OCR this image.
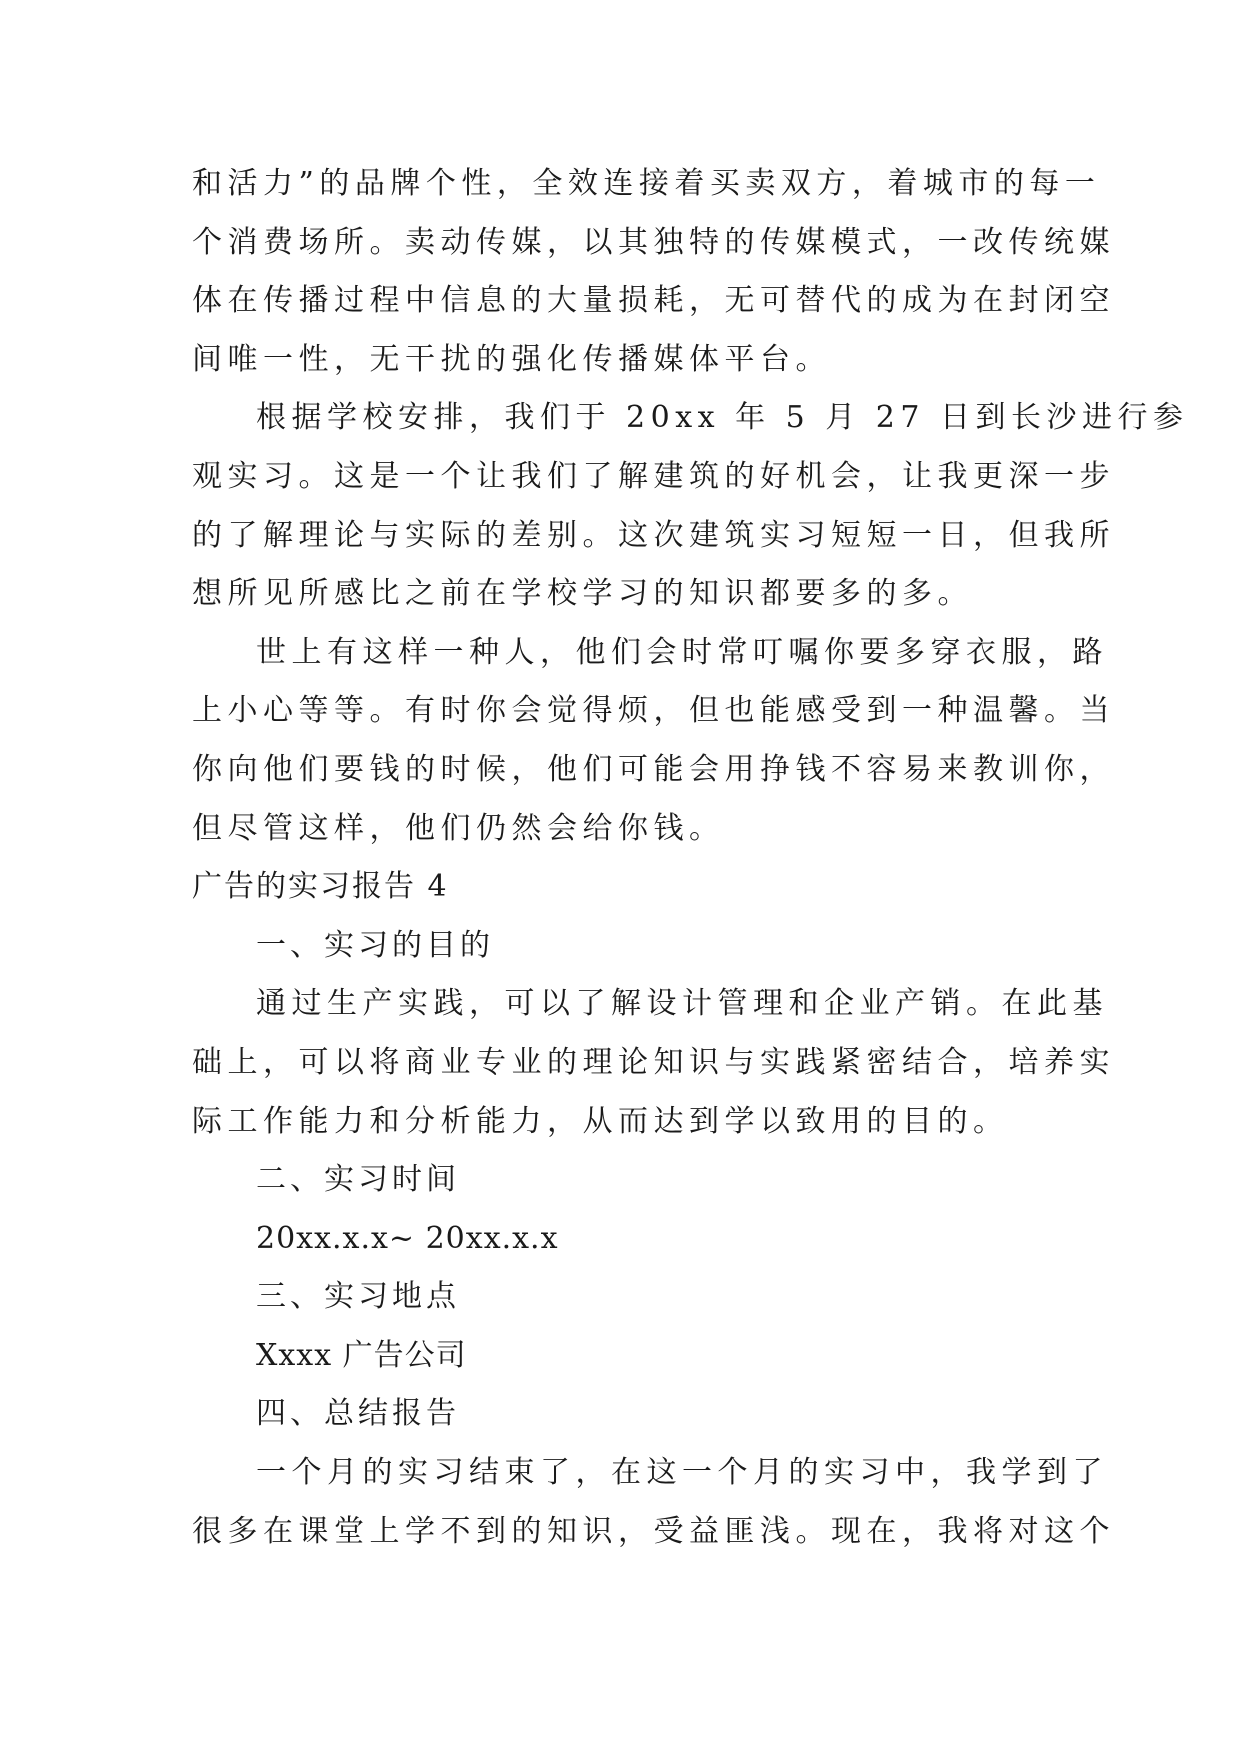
和活力”的品牌个性，全效连接着买卖双方，着城市的每一
个消费场所。卖动传媒，以其独特的传媒模式，一改传统媒
体在传播过程中信息的大量损耗，无可替代的成为在封闭空
间唯一性，无干扰的强化传播媒体平台。
根据学校安排，我们于 20xx 年 5 月 27 日到长沙进行参
观实习。这是一个让我们了解建筑的好机会，让我更深一步
的了解理论与实际的差别。这次建筑实习短短一日，但我所
想所见所感比之前在学校学习的知识都要多的多。
世上有这样一种人，他们会时常叮嘱你要多穿衣服，路
上小心等等。有时你会觉得烦，但也能感受到一种温馨。当
你向他们要钱的时候，他们可能会用挣钱不容易来教训你，
但尽管这样，他们仍然会给你钱。
广告的实习报告 4
一、实习的目的
通过生产实践，可以了解设计管理和企业产销。在此基
础上，可以将商业专业的理论知识与实践紧密结合，培养实
际工作能力和分析能力，从而达到学以致用的目的。
二、实习时间
20xx.x.x~ 20xx.x.x
三、实习地点
Xxxx 广告公司
四、总结报告
一个月的实习结束了，在这一个月的实习中，我学到了
很多在课堂上学不到的知识，受益匪浅。现在，我将对这个
